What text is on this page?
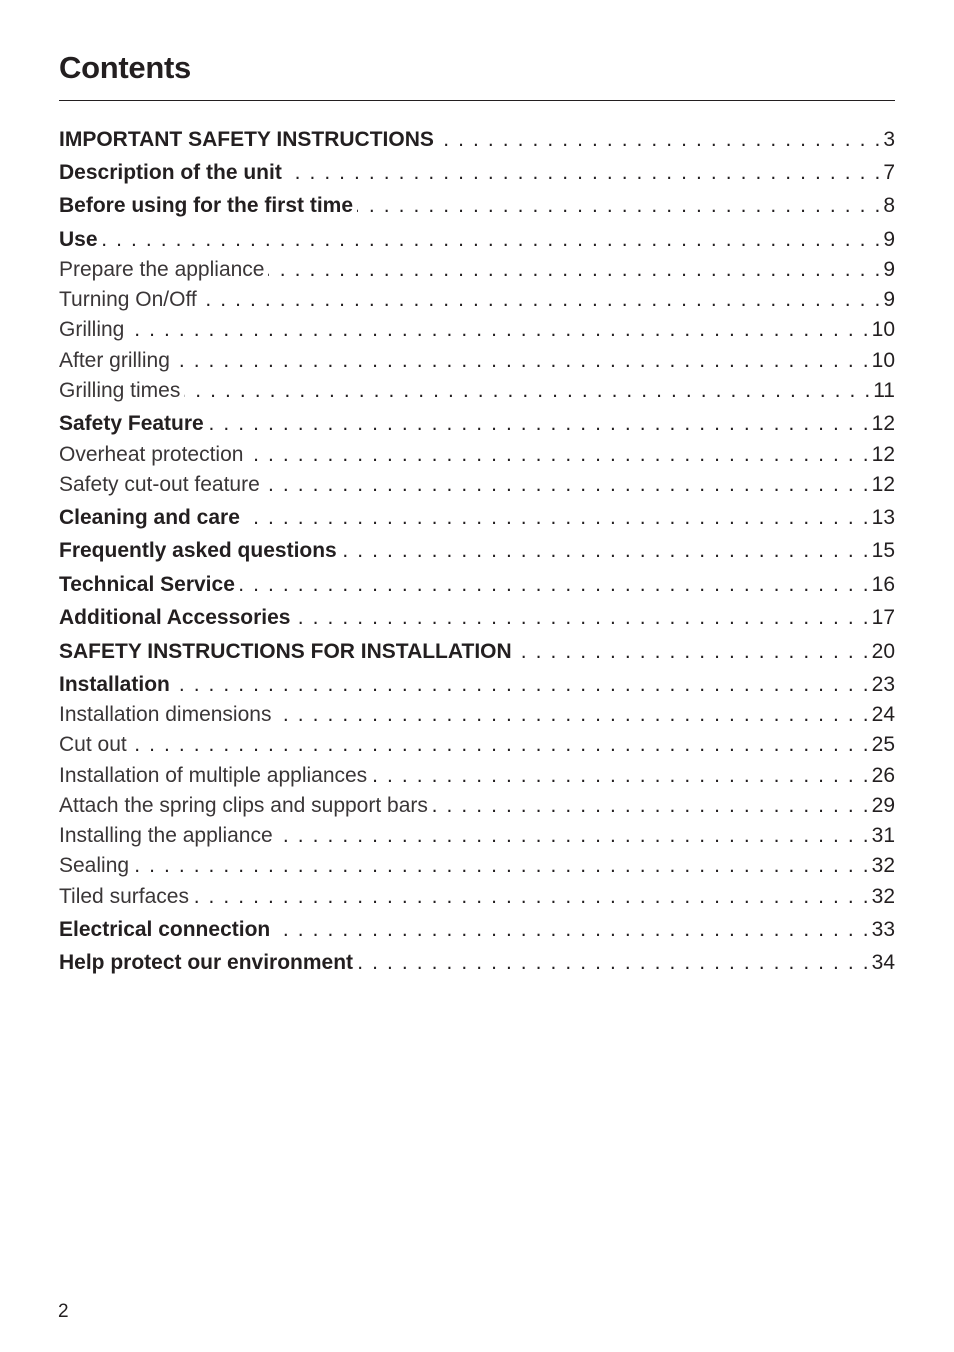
Contents
IMPORTANT SAFETY INSTRUCTIONS . . .	3
Description of the unit . . .	7
Before using for the first time . . .	8
Use . . .	9
Prepare the appliance . . .	9
Turning On/Off . . .	9
Grilling . . .	10
After grilling . . .	10
Grilling times . . .	11
Safety Feature . . .	12
Overheat protection . . .	12
Safety cut-out feature . . .	12
Cleaning and care . . .	13
Frequently asked questions . . .	15
Technical Service . . .	16
Additional Accessories . . .	17
SAFETY INSTRUCTIONS FOR INSTALLATION . . .	20
Installation . . .	23
Installation dimensions . . .	24
Cut out . . .	25
Installation of multiple appliances . . .	26
Attach the spring clips and support bars . . .	29
Installing the appliance . . .	31
Sealing . . .	32
Tiled surfaces . . .	32
Electrical connection . . .	33
Help protect our environment . . .	34
2
